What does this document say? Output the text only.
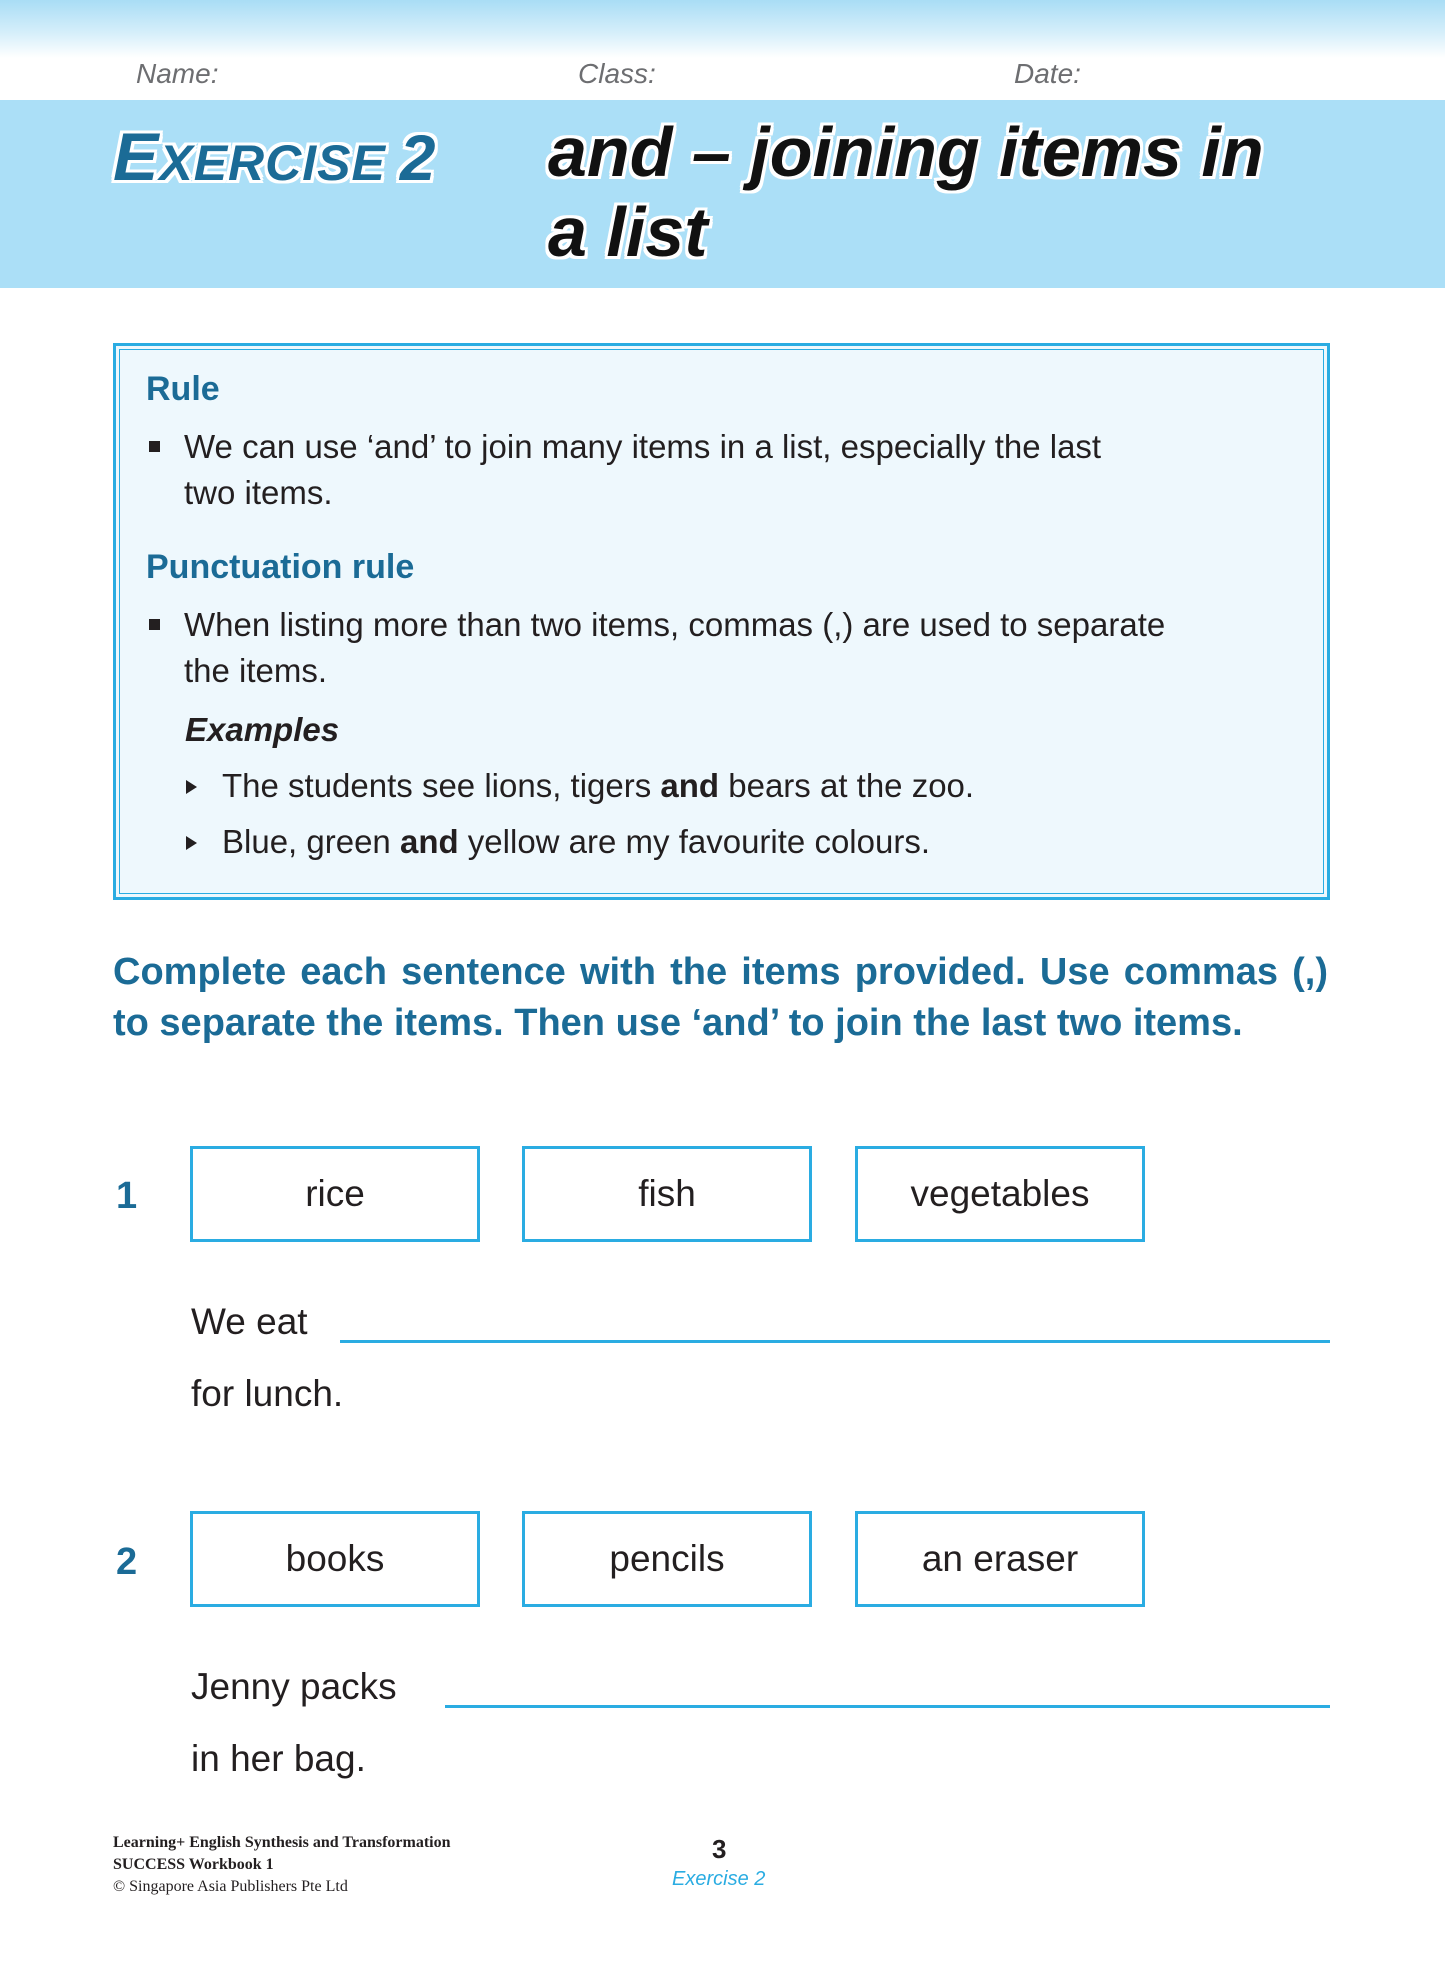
Name:	Class:	Date:
EXERCISE 2 and – joining items in
a list
Rule
We can use ‘and’ to join many items in a list, especially the last
two items.
Punctuation rule
When listing more than two items, commas (,) are used to separate
the items.
Examples
The students see lions, tigers and bears at the zoo.
Blue, green and yellow are my favourite colours.
Complete each sentence with the items provided. Use commas (,) to separate the items. Then use ‘and’ to join the last two items.
1	rice	fish	vegetables
We eat
for lunch.
2	books	pencils	an eraser
Jenny packs
in her bag.
Learning+ English Synthesis and Transformation
SUCCESS Workbook 1
© Singapore Asia Publishers Pte Ltd
3
Exercise 2
